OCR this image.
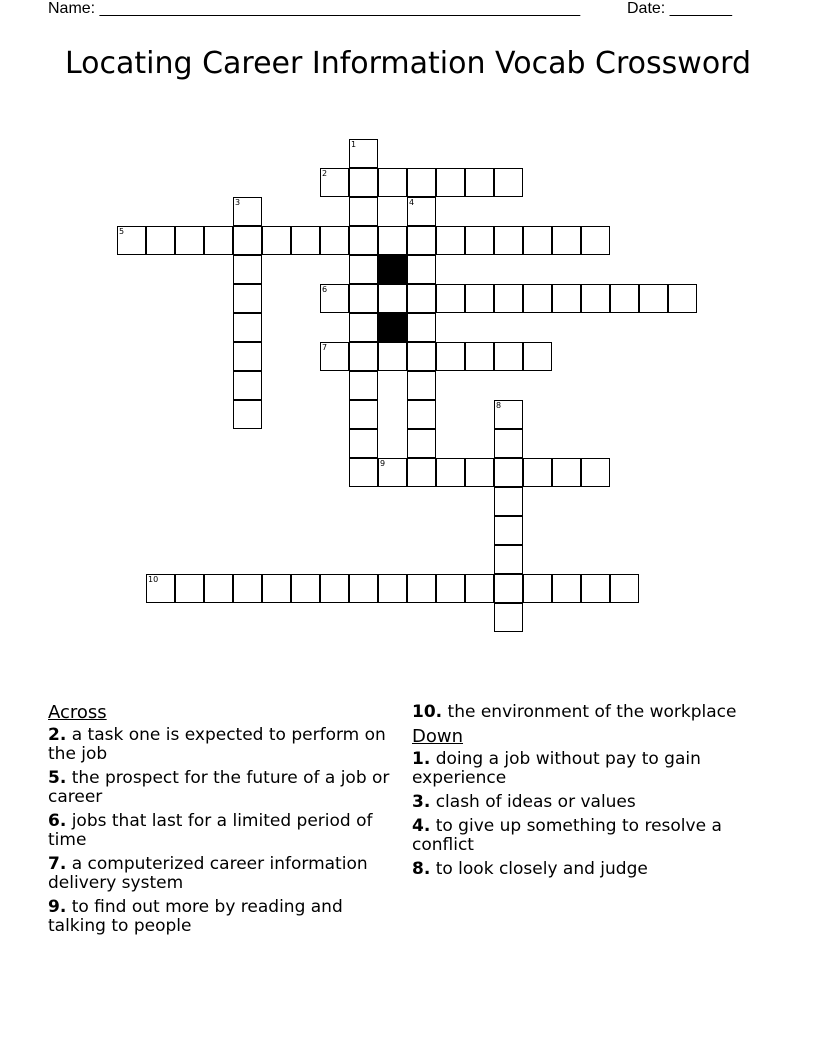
Name: ______________________________________________________	Date: _______
Locating Career Information Vocab Crossword
1
2
3	4
5
6
7
8
9
10
Across
2. a task one is expected to perform on the job
5. the prospect for the future of a job or career
6. jobs that last for a limited period of time
7. a computerized career information delivery system
9. to find out more by reading and talking to people
10. the environment of the workplace
Down
1. doing a job without pay to gain experience
3. clash of ideas or values
4. to give up something to resolve a conflict
8. to look closely and judge
